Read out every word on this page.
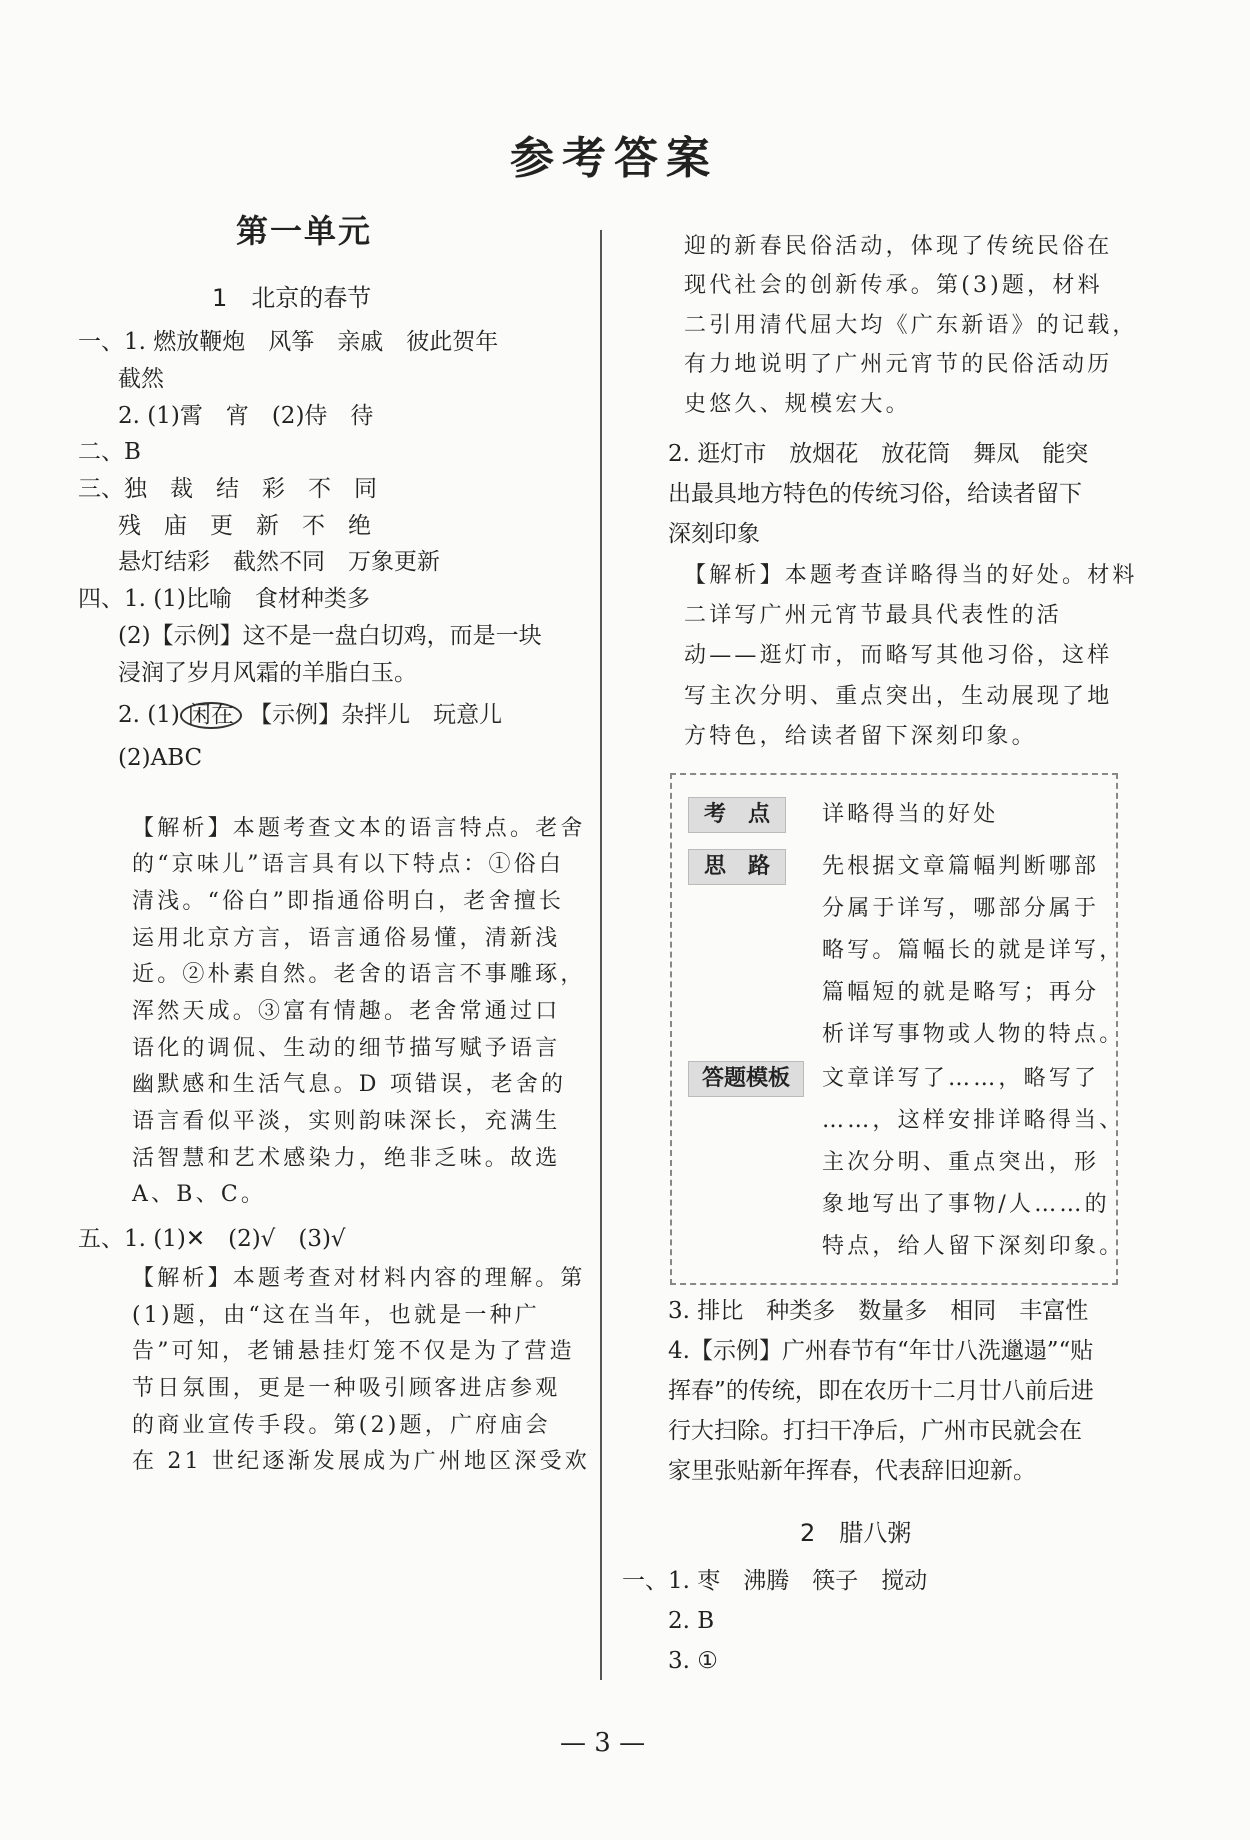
参考答案
第一单元
1　北京的春节
一、1. 燃放鞭炮　风筝　亲戚　彼此贺年
截然
2. (1)霄　宵　(2)侍　待
二、B
三、独　裁　结　彩　不　同
残　庙　更　新　不　绝
悬灯结彩　截然不同　万象更新
四、1. (1)比喻　食材种类多
(2)【示例】这不是一盘白切鸡，而是一块
浸润了岁月风霜的羊脂白玉。
2. (1) 闲在 【示例】杂拌儿　玩意儿
(2)ABC
【解析】本题考查文本的语言特点。老舍
的“京味儿”语言具有以下特点：①俗白
清浅。“俗白”即指通俗明白，老舍擅长
运用北京方言，语言通俗易懂，清新浅
近。②朴素自然。老舍的语言不事雕琢，
浑然天成。③富有情趣。老舍常通过口
语化的调侃、生动的细节描写赋予语言
幽默感和生活气息。D 项错误，老舍的
语言看似平淡，实则韵味深长，充满生
活智慧和艺术感染力，绝非乏味。故选
A、B、C。
五、1. (1)✕　(2)√　(3)√
【解析】本题考查对材料内容的理解。第
(1)题，由“这在当年，也就是一种广
告”可知，老铺悬挂灯笼不仅是为了营造
节日氛围，更是一种吸引顾客进店参观
的商业宣传手段。第(2)题，广府庙会
在 21 世纪逐渐发展成为广州地区深受欢
迎的新春民俗活动，体现了传统民俗在
现代社会的创新传承。第(3)题，材料
二引用清代屈大均《广东新语》的记载，
有力地说明了广州元宵节的民俗活动历
史悠久、规模宏大。
2. 逛灯市　放烟花　放花筒　舞凤　能突
出最具地方特色的传统习俗，给读者留下
深刻印象
【解析】本题考查详略得当的好处。材料
二详写广州元宵节最具代表性的活
动——逛灯市，而略写其他习俗，这样
写主次分明、重点突出，生动展现了地
方特色，给读者留下深刻印象。
考　点	详略得当的好处
思　路	先根据文章篇幅判断哪部
分属于详写，哪部分属于
略写。篇幅长的就是详写，
篇幅短的就是略写；再分
析详写事物或人物的特点。
答题模板	文章详写了……，略写了
……，这样安排详略得当、
主次分明、重点突出，形
象地写出了事物/人……的
特点，给人留下深刻印象。
3. 排比　种类多　数量多　相同　丰富性
4.【示例】广州春节有“年廿八洗邋遢”“贴
挥春”的传统，即在农历十二月廿八前后进
行大扫除。打扫干净后，广州市民就会在
家里张贴新年挥春，代表辞旧迎新。
2　腊八粥
一、1. 枣　沸腾　筷子　搅动
2. B
3. ①
— 3 —
